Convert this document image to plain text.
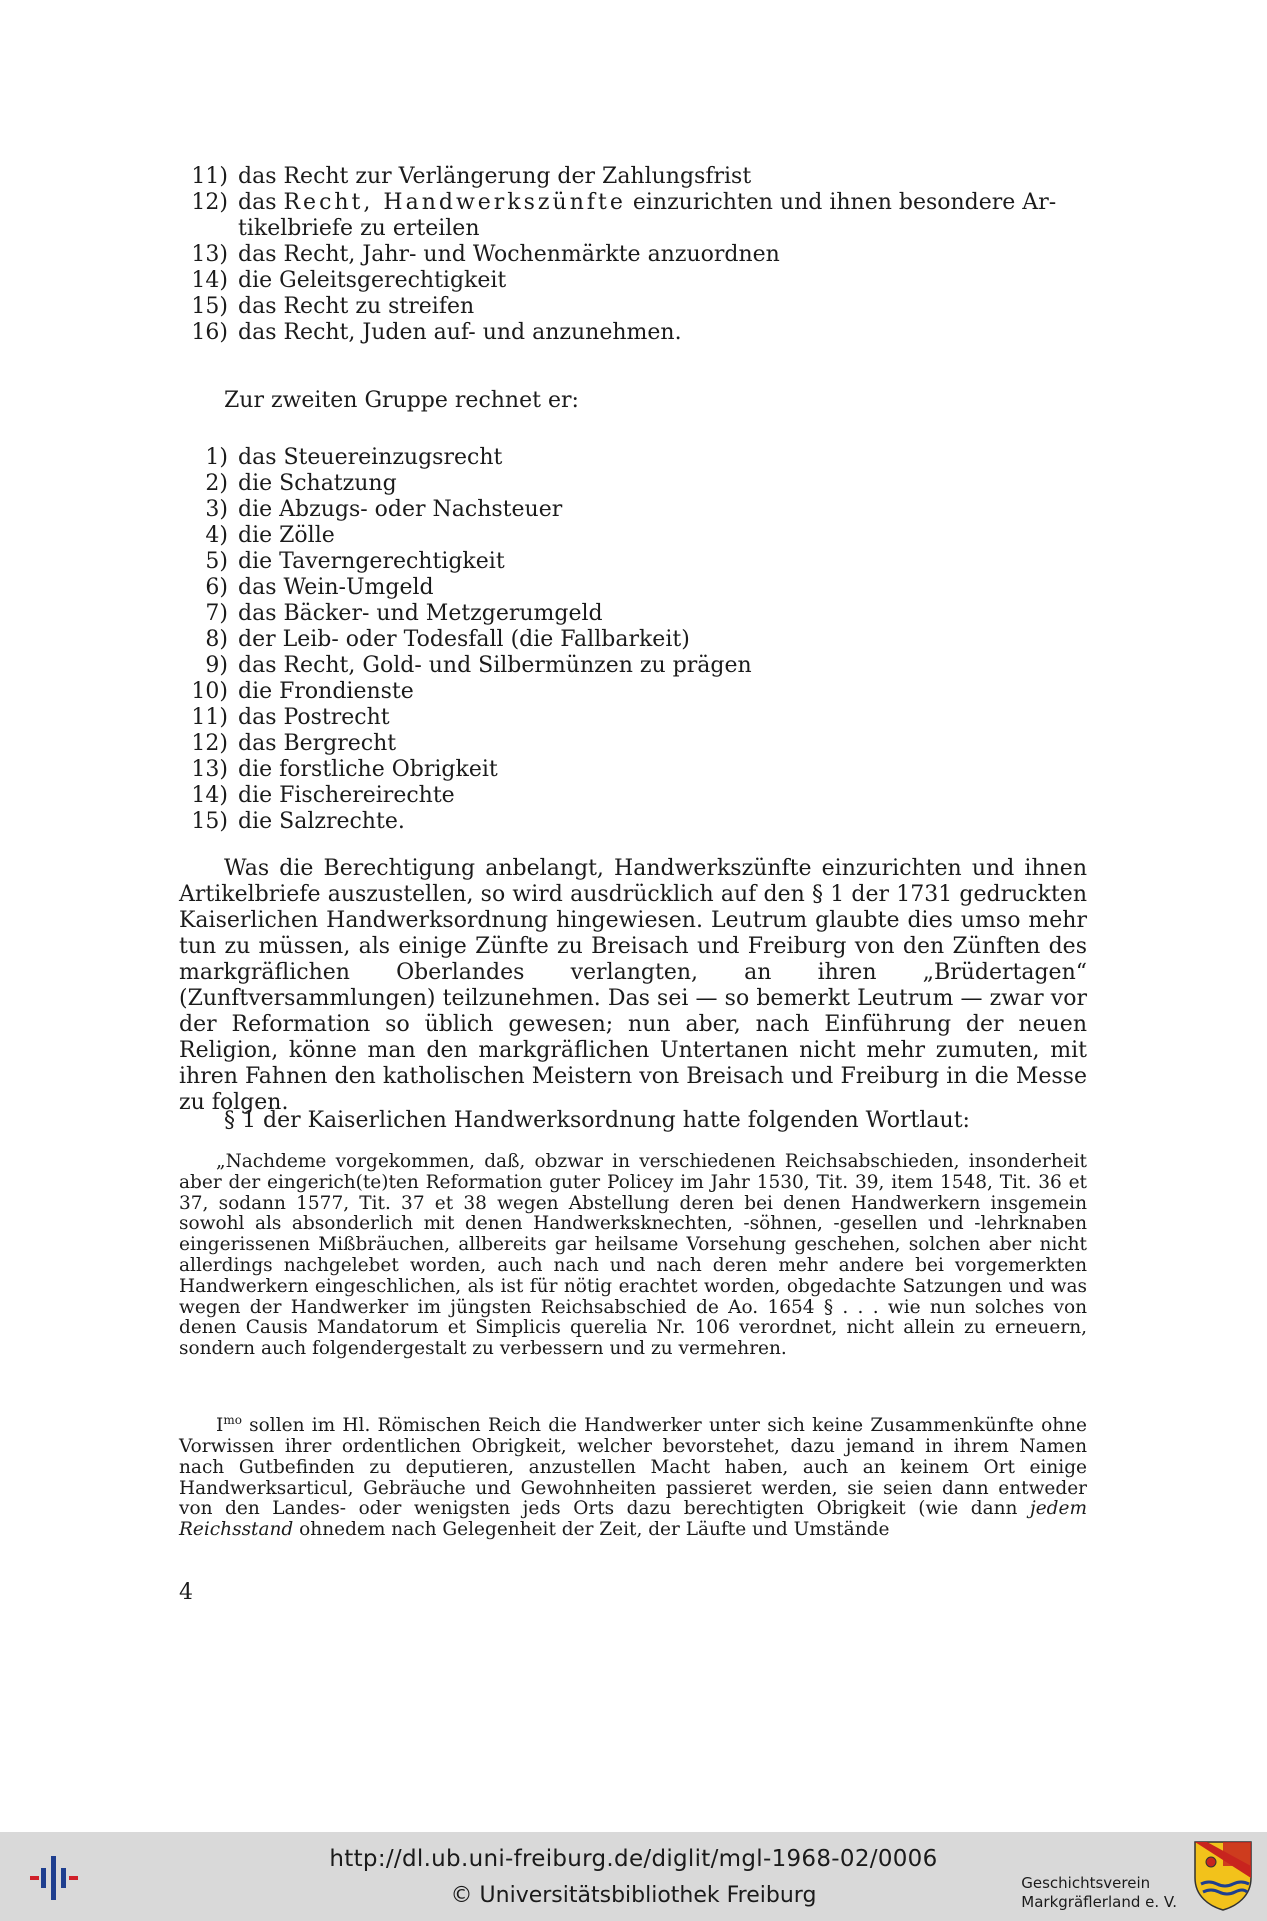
11) das Recht zur Verlängerung der Zahlungsfrist
12) das Recht, Handwerkszünfte einzurichten und ihnen besondere Ar-
tikelbriefe zu erteilen
13) das Recht, Jahr- und Wochenmärkte anzuordnen
14) die Geleitsgerechtigkeit
15) das Recht zu streifen
16) das Recht, Juden auf- und anzunehmen.
Zur zweiten Gruppe rechnet er:
1) das Steuereinzugsrecht
2) die Schatzung
3) die Abzugs- oder Nachsteuer
4) die Zölle
5) die Taverngerechtigkeit
6) das Wein-Umgeld
7) das Bäcker- und Metzgerumgeld
8) der Leib- oder Todesfall (die Fallbarkeit)
9) das Recht, Gold- und Silbermünzen zu prägen
10) die Frondienste
11) das Postrecht
12) das Bergrecht
13) die forstliche Obrigkeit
14) die Fischereirechte
15) die Salzrechte.

Was die Berechtigung anbelangt, Handwerkszünfte einzurichten und ihnen Artikelbriefe auszustellen, so wird ausdrücklich auf den § 1 der 1731 gedruckten Kaiserlichen Handwerksordnung hingewiesen. Leutrum glaubte dies umso mehr tun zu müssen, als einige Zünfte zu Breisach und Freiburg von den Zünften des markgräflichen Oberlandes verlangten, an ihren „Brüdertagen“ (Zunftversammlungen) teilzunehmen. Das sei — so bemerkt Leutrum — zwar vor der Reformation so üblich gewesen; nun aber, nach Einführung der neuen Religion, könne man den markgräflichen Untertanen nicht mehr zumuten, mit ihren Fahnen den katholischen Meistern von Breisach und Freiburg in die Messe zu folgen.

§ 1 der Kaiserlichen Handwerksordnung hatte folgenden Wortlaut:

„Nachdeme vorgekommen, daß, obzwar in verschiedenen Reichsabschieden, insonderheit aber der eingerich(te)ten Reformation guter Policey im Jahr 1530, Tit. 39, item 1548, Tit. 36 et 37, sodann 1577, Tit. 37 et 38 wegen Abstellung deren bei denen Handwerkern insgemein sowohl als absonderlich mit denen Handwerksknechten, -söhnen, -gesellen und -lehrknaben eingerissenen Mißbräuchen, allbereits gar heilsame Vorsehung geschehen, solchen aber nicht allerdings nachgelebet worden, auch nach und nach deren mehr andere bei vorgemerkten Handwerkern eingeschlichen, als ist für nötig erachtet worden, obgedachte Satzungen und was wegen der Handwerker im jüngsten Reichsabschied de Ao. 1654 § . . . wie nun solches von denen Causis Mandatorum et Simplicis querelia Nr. 106 verordnet, nicht allein zu erneuern, sondern auch folgendergestalt zu verbessern und zu vermehren.

$I^{mo}$ sollen im Hl. Römischen Reich die Handwerker unter sich keine Zusammenkünfte ohne Vorwissen ihrer ordentlichen Obrigkeit, welcher bevorstehet, dazu jemand in ihrem Namen nach Gutbefinden zu deputieren, anzustellen Macht haben, auch an keinem Ort einige Handwerksarticul, Gebräuche und Gewohnheiten passieret werden, sie seien dann entweder von den Landes- oder wenigsten jeds Orts dazu berechtigten Obrigkeit (wie dann jedem Reichsstand ohnedem nach Gelegenheit der Zeit, der Läufte und Umstände

4
http://dl.ub.uni-freiburg.de/diglit/mgl-1968-02/0006
© Universitätsbibliothek Freiburg	Geschichtsverein
Markgräflerland e. V.
